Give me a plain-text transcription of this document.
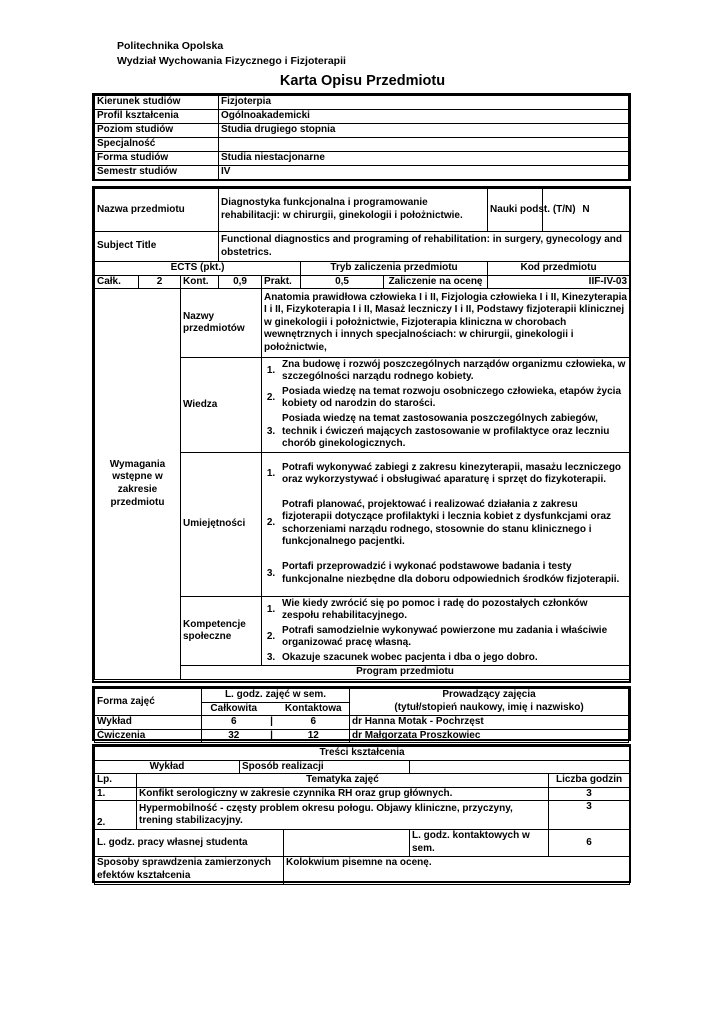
Politechnika Opolska
Wydział Wychowania Fizycznego i Fizjoterapii
Karta Opisu Przedmiotu
Kierunek studiów	Fizjoterpia
Profil kształcenia	Ogólnoakademicki
Poziom studiów	Studia drugiego stopnia
Specjalność	
Forma studiów	Studia niestacjonarne
Semestr studiów	IV
Nazwa przedmiotu	Diagnostyka funkcjonalna i programowanie rehabilitacji: w chirurgii, ginekologii i położnictwie.	Nauki podst. (T/N)	N
Subject Title	Functional diagnostics and programing of rehabilitation: in surgery, gynecology and obstetrics.
ECTS (pkt.)	Tryb zaliczenia przedmiotu	Kod przedmiotu
Całk.	2	Kont.	0,9	Prakt.	0,5	Zaliczenie na ocenę	IIF-IV-03
Wymagania wstępne w zakresie przedmiotu	Nazwy przedmiotów	Anatomia prawidłowa człowieka I i II, Fizjologia człowieka I i II, Kinezyterapia I i II, Fizykoterapia I i II, Masaż leczniczy I i II, Podstawy fizjoterapii klinicznej w ginekologii i położnictwie, Fizjoterapia kliniczna w chorobach wewnętrznych i innych specjalnościach: w chirurgii, ginekologii i położnictwie,
Wiedza	
1.	Zna budowę i rozwój poszczególnych narządów organizmu człowieka, w szczególności narządu rodnego kobiety.

2.	Posiada wiedzę na temat rozwoju osobniczego człowieka, etapów życia kobiety od narodzin do starości.

3.	Posiada wiedzę na temat zastosowania poszczególnych zabiegów, technik i ćwiczeń mających zastosowanie w profilaktyce oraz leczniu chorób ginekologicznych.

Umiejętności	
1.	Potrafi wykonywać zabiegi z zakresu kinezyterapii, masażu leczniczego oraz wykorzystywać i obsługiwać aparaturę i sprzęt do fizykoterapii.

2.	Potrafi planować, projektować i realizować działania z zakresu fizjoterapii dotyczące profilaktyki i lecznia kobiet z dysfunkcjami oraz schorzeniami narządu rodnego, stosownie do stanu klinicznego i funkcjonalnego pacjentki.

3.	Portafi przeprowadzić i wykonać podstawowe badania i testy funkcjonalne niezbędne dla doboru odpowiednich środków fizjoterapii.

Kompetencje społeczne	
1.	Wie kiedy zwrócić się po pomoc i radę do pozostałych członków zespołu rehabilitacyjnego.

2.	Potrafi samodzielnie wykonywać powierzone mu zadania i właściwie organizować pracę własną.

3.	Okazuje szacunek wobec pacjenta i dba o jego dobro.

Program przedmiotu
Forma zajęć	L. godz. zajęć w sem.			Prowadzący zajęcia
	Całkowita		Kontaktowa	(tytuł/stopień naukowy, imię i nazwisko)
Wykład	6	|	6	dr Hanna Motak - Pochrzęst
Ćwiczenia	32	|	12	dr Małgorzata Proszkowiec
Treści kształcenia					
Wykład		Sposób realizacji			
Lp.	Tematyka zajęć				Liczba godzin
1.	Konfikt serologiczny w zakresie czynnika RH oraz grup głównych.				3
2.	Hypermobilność - częsty problem okresu połogu. Objawy kliniczne, przyczyny, trening stabilizacyjny.				3
L. godz. pracy własnej studenta				L. godz. kontaktowych w sem.	6
Sposoby sprawdzenia zamierzonych efektów kształcenia			Kolokwium pisemne na ocenę.		
